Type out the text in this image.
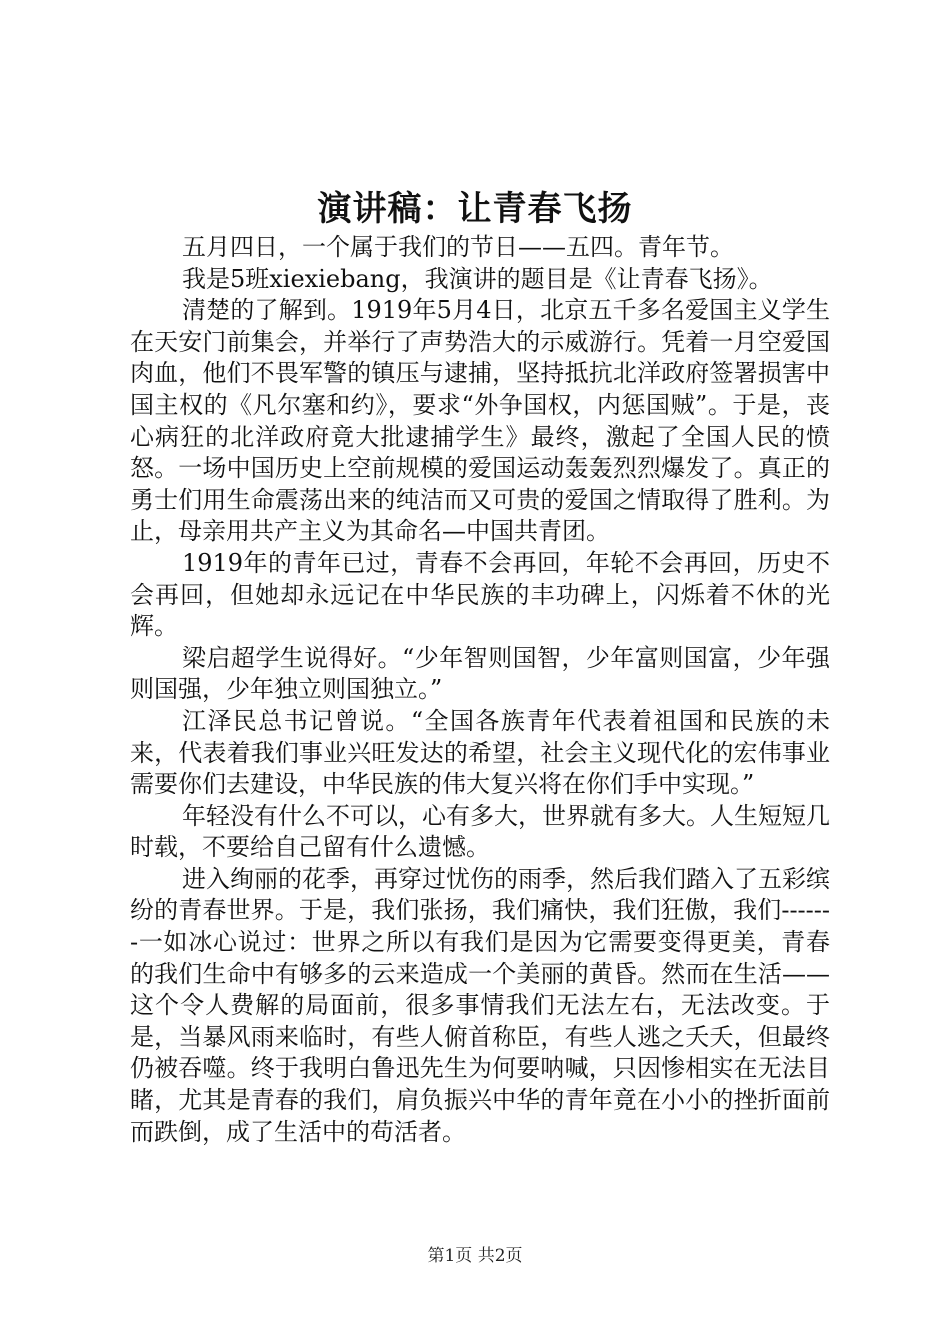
演讲稿：让青春飞扬

五月四日，一个属于我们的节日——五四。青年节。

我是5班xiexiebang，我演讲的题目是《让青春飞扬》。

清楚的了解到。1919年5月4日，北京五千多名爱国主义学生在天安门前集会，并举行了声势浩大的示威游行。凭着一月空爱国肉血，他们不畏军警的镇压与逮捕，坚持抵抗北洋政府签署损害中国主权的《凡尔塞和约》，要求“外争国权，内惩国贼”。于是，丧心病狂的北洋政府竟大批逮捕学生》最终，激起了全国人民的愤怒。一场中国历史上空前规模的爱国运动轰轰烈烈爆发了。真正的勇士们用生命震荡出来的纯洁而又可贵的爱国之情取得了胜利。为止，母亲用共产主义为其命名—中国共青团。

1919年的青年已过，青春不会再回，年轮不会再回，历史不会再回，但她却永远记在中华民族的丰功碑上，闪烁着不休的光辉。

梁启超学生说得好。“少年智则国智，少年富则国富，少年强则国强，少年独立则国独立。”

江泽民总书记曾说。“全国各族青年代表着祖国和民族的未来，代表着我们事业兴旺发达的希望，社会主义现代化的宏伟事业需要你们去建设，中华民族的伟大复兴将在你们手中实现。”

年轻没有什么不可以，心有多大，世界就有多大。人生短短几时载，不要给自己留有什么遗憾。

进入绚丽的花季，再穿过忧伤的雨季，然后我们踏入了五彩缤纷的青春世界。于是，我们张扬，我们痛快，我们狂傲，我们-------一如冰心说过：世界之所以有我们是因为它需要变得更美，青春的我们生命中有够多的云来造成一个美丽的黄昏。然而在生活——这个令人费解的局面前，很多事情我们无法左右，无法改变。于是，当暴风雨来临时，有些人俯首称臣，有些人逃之夭夭，但最终仍被吞噬。终于我明白鲁迅先生为何要呐喊，只因惨相实在无法目睹，尤其是青春的我们，肩负振兴中华的青年竟在小小的挫折面前而跌倒，成了生活中的苟活者。

第1页 共2页
